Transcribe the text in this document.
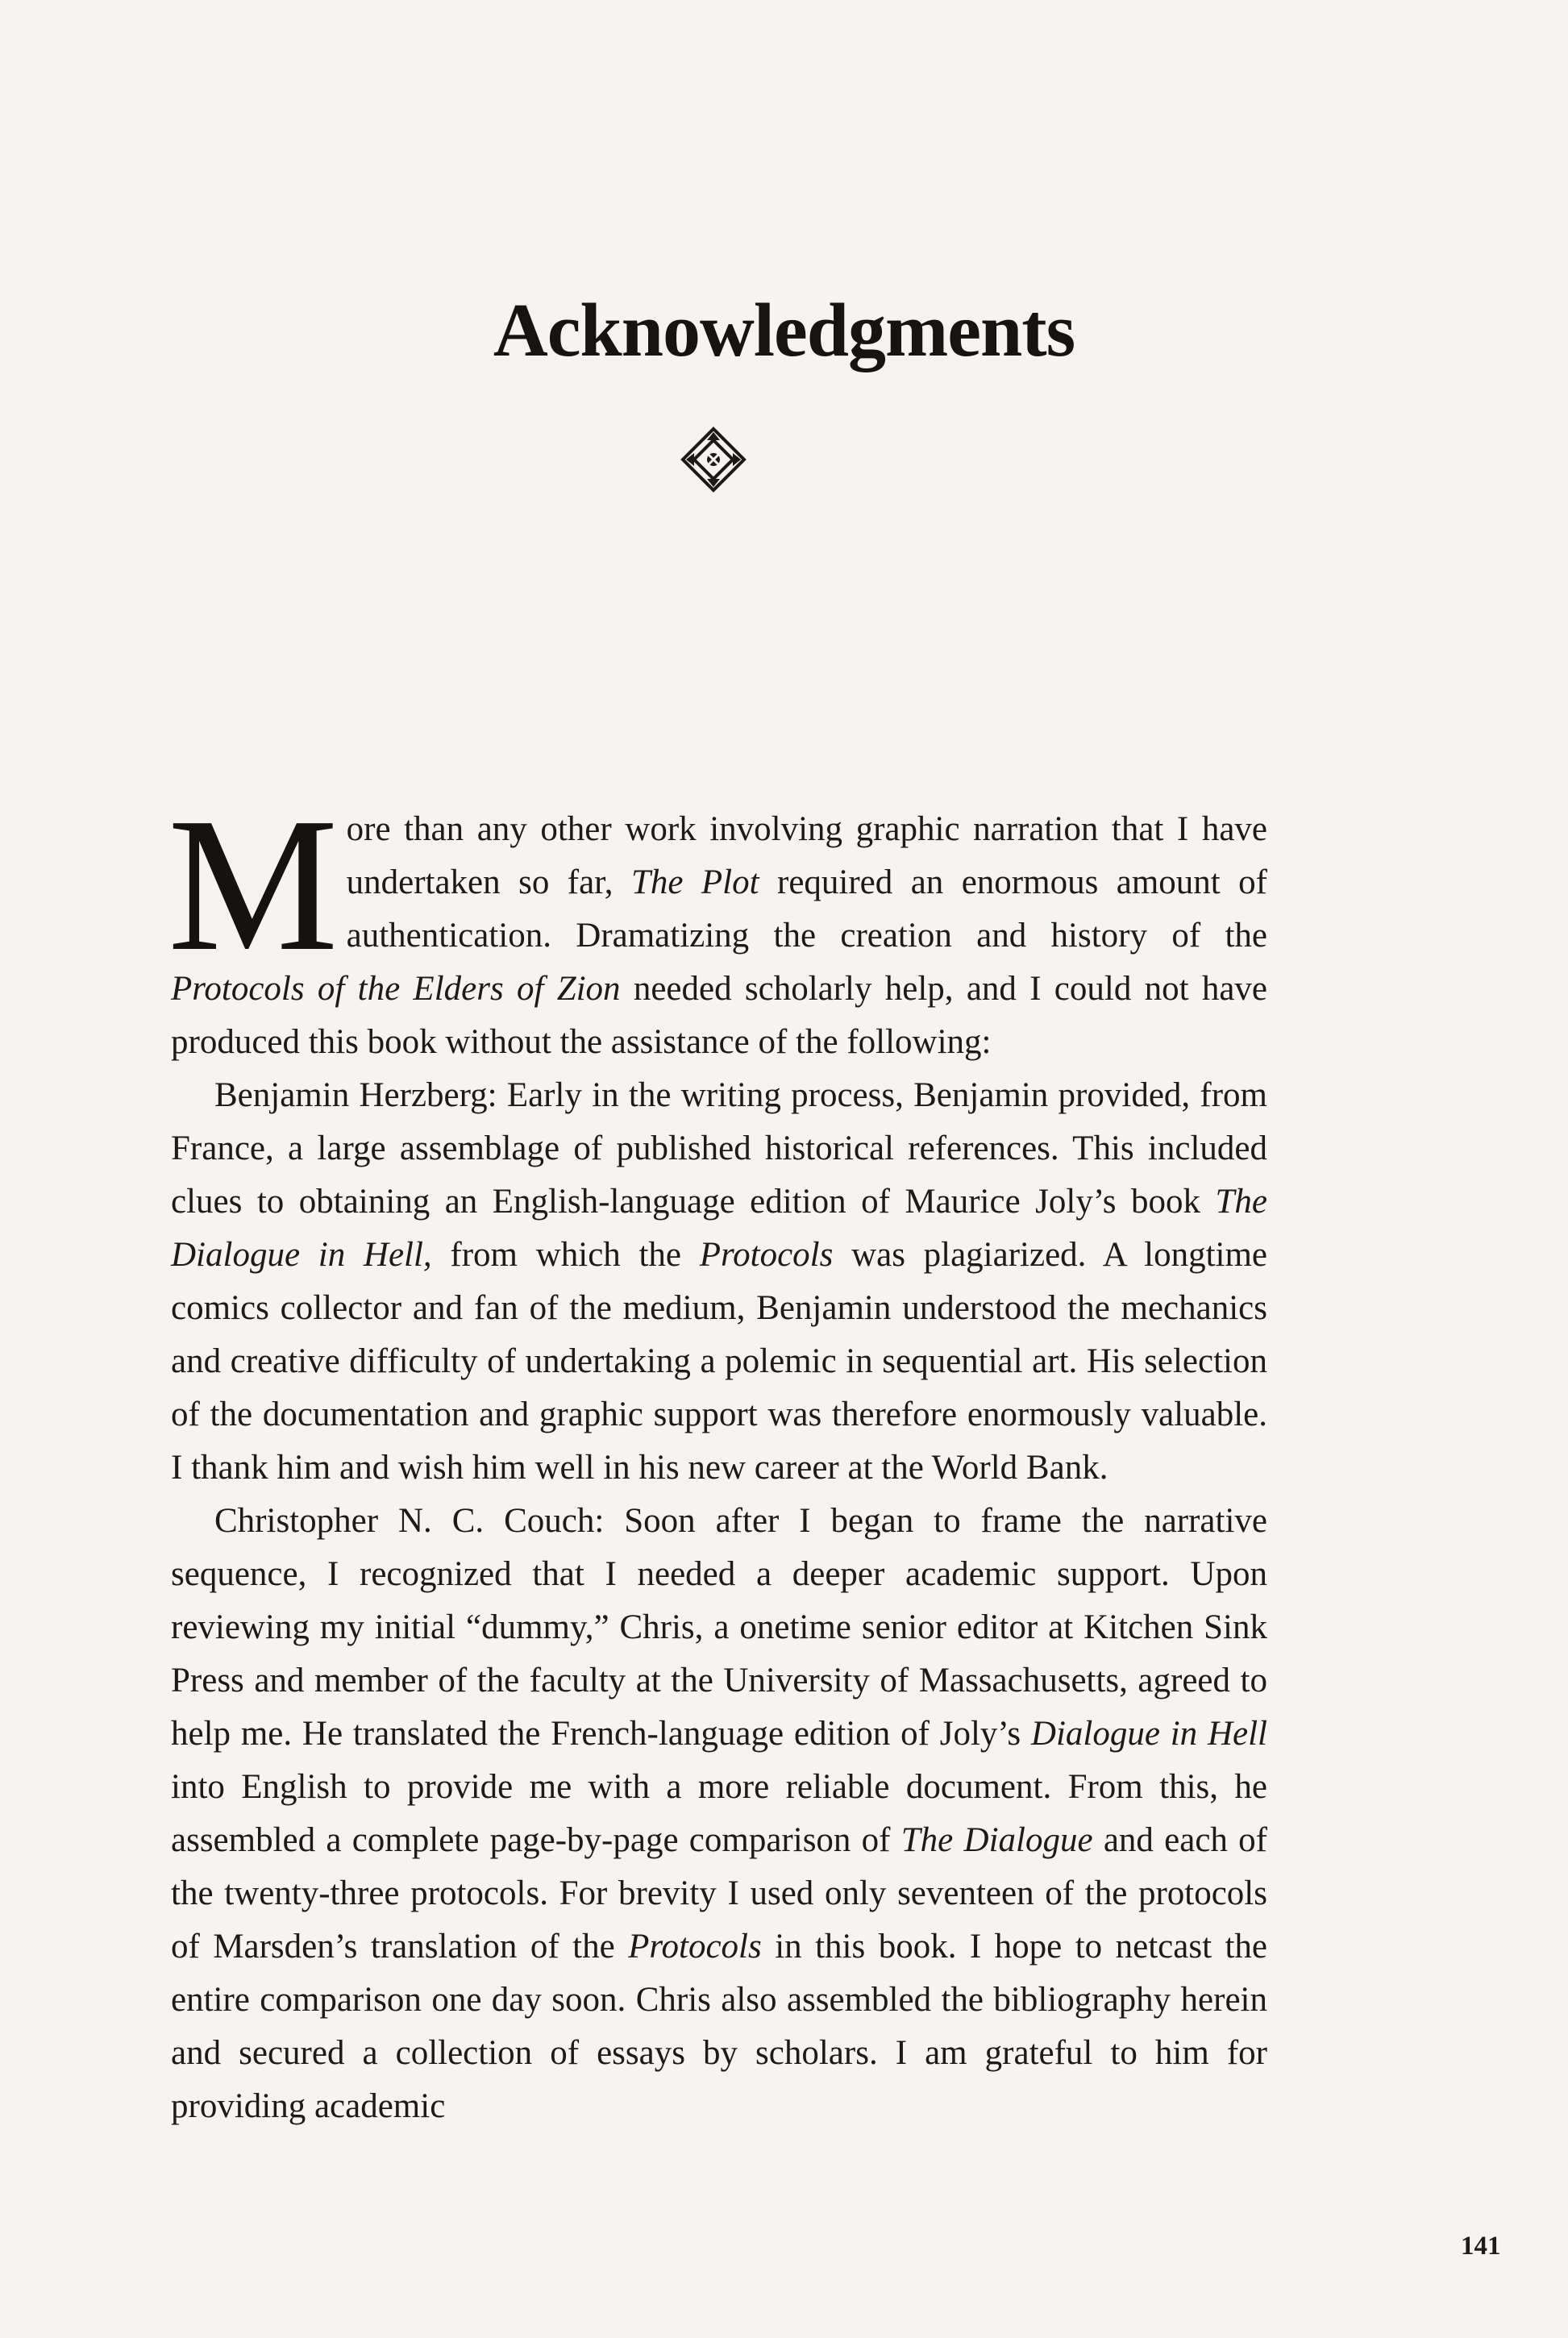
Acknowledgments

More than any other work involving graphic narration that I have undertaken so far, The Plot required an enormous amount of authentication. Dramatizing the creation and history of the Protocols of the Elders of Zion needed scholarly help, and I could not have produced this book without the assistance of the following:

Benjamin Herzberg: Early in the writing process, Benjamin provided, from France, a large assemblage of published historical references. This included clues to obtaining an English-language edition of Maurice Joly’s book The Dialogue in Hell, from which the Protocols was plagiarized. A longtime comics collector and fan of the medium, Benjamin understood the mechanics and creative difficulty of undertaking a polemic in sequential art. His selection of the documentation and graphic support was therefore enormously valuable. I thank him and wish him well in his new career at the World Bank.

Christopher N. C. Couch: Soon after I began to frame the narrative sequence, I recognized that I needed a deeper academic support. Upon reviewing my initial “dummy,” Chris, a onetime senior editor at Kitchen Sink Press and member of the faculty at the University of Massachusetts, agreed to help me. He translated the French-language edition of Joly’s Dialogue in Hell into English to provide me with a more reliable document. From this, he assembled a complete page-by-page comparison of The Dialogue and each of the twenty-three protocols. For brevity I used only seventeen of the protocols of Marsden’s translation of the Protocols in this book. I hope to netcast the entire comparison one day soon. Chris also assembled the bibliography herein and secured a collection of essays by scholars. I am grateful to him for providing academic

141
